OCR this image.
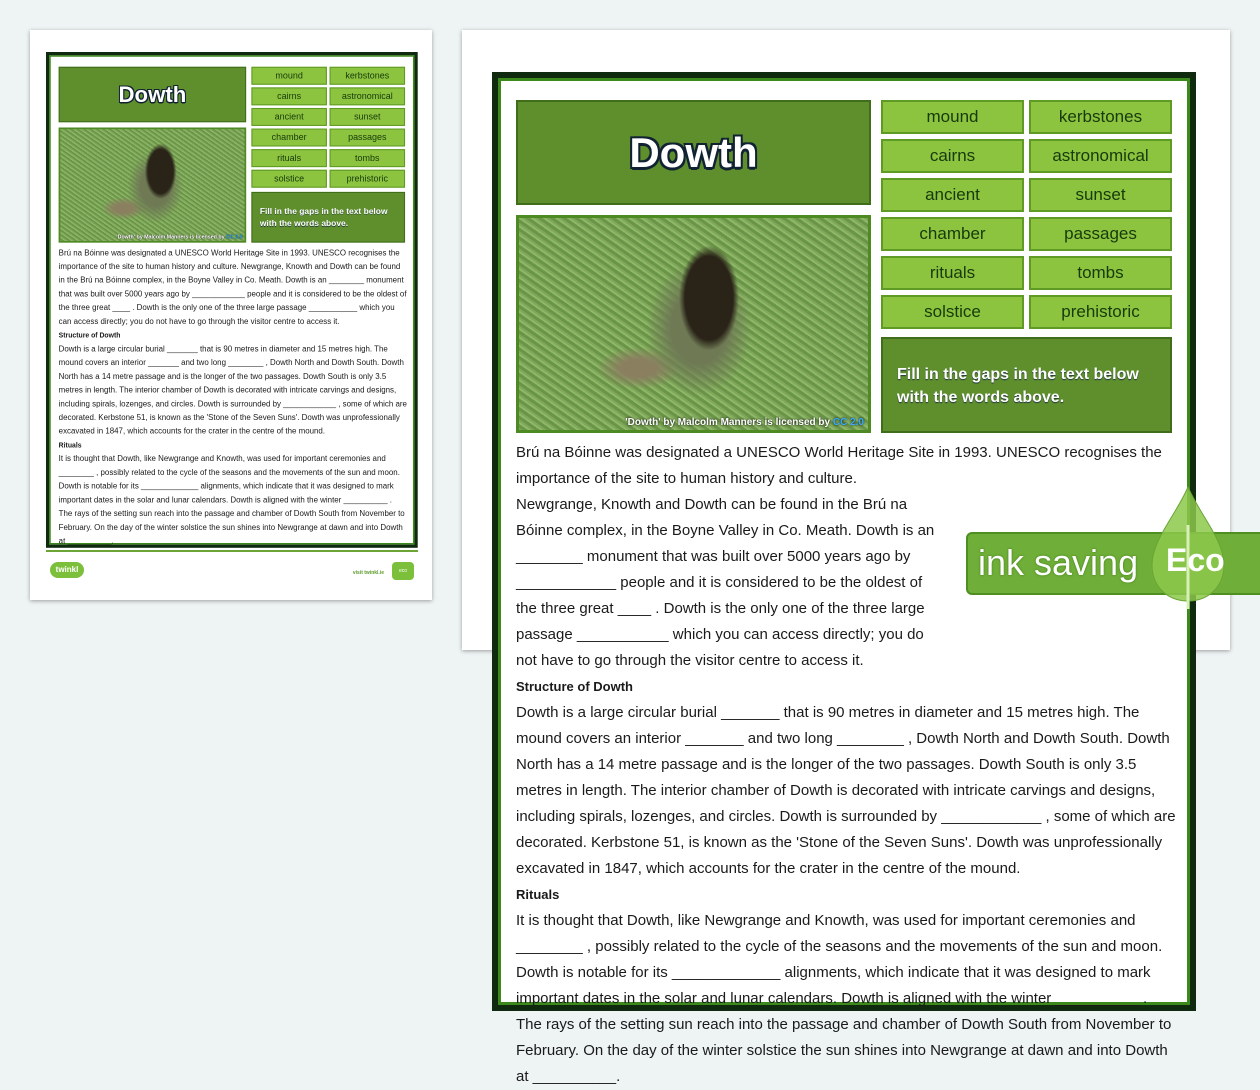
Dowth
mound	kerbstones
cairns	astronomical
ancient	sunset
chamber	passages
rituals	tombs
solstice	prehistoric
'Dowth' by Malcolm Manners is licensed by CC 2.0
Fill in the gaps in the text below with the words above.

Brú na Bóinne was designated a UNESCO World Heritage Site in 1993. UNESCO recognises the importance of the site to human history and culture. Newgrange, Knowth and Dowth can be found in the Brú na Bóinne complex, in the Boyne Valley in Co. Meath. Dowth is an ________ monument that was built over 5000 years ago by ____________ people and it is considered to be the oldest of the three great ____ . Dowth is the only one of the three large passage ___________ which you can access directly; you do not have to go through the visitor centre to access it.

Structure of Dowth

Dowth is a large circular burial _______ that is 90 metres in diameter and 15 metres high. The mound covers an interior _______ and two long ________ , Dowth North and Dowth South. Dowth North has a 14 metre passage and is the longer of the two passages. Dowth South is only 3.5 metres in length. The interior chamber of Dowth is decorated with intricate carvings and designs, including spirals, lozenges, and circles. Dowth is surrounded by ____________ , some of which are decorated. Kerbstone 51, is known as the 'Stone of the Seven Suns'. Dowth was unprofessionally excavated in 1847, which accounts for the crater in the centre of the mound.

Rituals

It is thought that Dowth, like Newgrange and Knowth, was used for important ceremonies and ________ , possibly related to the cycle of the seasons and the movements of the sun and moon. Dowth is notable for its _____________ alignments, which indicate that it was designed to mark important dates in the solar and lunar calendars. Dowth is aligned with the winter __________ . The rays of the setting sun reach into the passage and chamber of Dowth South from November to February. On the day of the winter solstice the sun shines into Newgrange at dawn and into Dowth at __________.

twinkl	visit twinkl.ie	eco
Dowth
mound	kerbstones
cairns	astronomical
ancient	sunset
chamber	passages
rituals	tombs
solstice	prehistoric
'Dowth' by Malcolm Manners is licensed by CC 2.0
Fill in the gaps in the text below with the words above.

Brú na Bóinne was designated a UNESCO World Heritage Site in 1993. UNESCO recognises the importance of the site to human history and culture. Newgrange, Knowth and Dowth can be found in the Brú na Bóinne complex, in the Boyne Valley in Co. Meath. Dowth is an ________ monument that was built over 5000 years ago by ____________ people and it is considered to be the oldest of the three great ____ . Dowth is the only one of the three large passage ___________ which you can access directly; you do not have to go through the visitor centre to access it.

Structure of Dowth

Dowth is a large circular burial _______ that is 90 metres in diameter and 15 metres high. The mound covers an interior _______ and two long ________ , Dowth North and Dowth South. Dowth North has a 14 metre passage and is the longer of the two passages. Dowth South is only 3.5 metres in length. The interior chamber of Dowth is decorated with intricate carvings and designs, including spirals, lozenges, and circles. Dowth is surrounded by ____________ , some of which are decorated. Kerbstone 51, is known as the 'Stone of the Seven Suns'. Dowth was unprofessionally excavated in 1847, which accounts for the crater in the centre of the mound.

Rituals

It is thought that Dowth, like Newgrange and Knowth, was used for important ceremonies and ________ , possibly related to the cycle of the seasons and the movements of the sun and moon. Dowth is notable for its _____________ alignments, which indicate that it was designed to mark important dates in the solar and lunar calendars. Dowth is aligned with the winter __________ . The rays of the setting sun reach into the passage and chamber of Dowth South from November to February. On the day of the winter solstice the sun shines into Newgrange at dawn and into Dowth at __________.

ink saving Eco
